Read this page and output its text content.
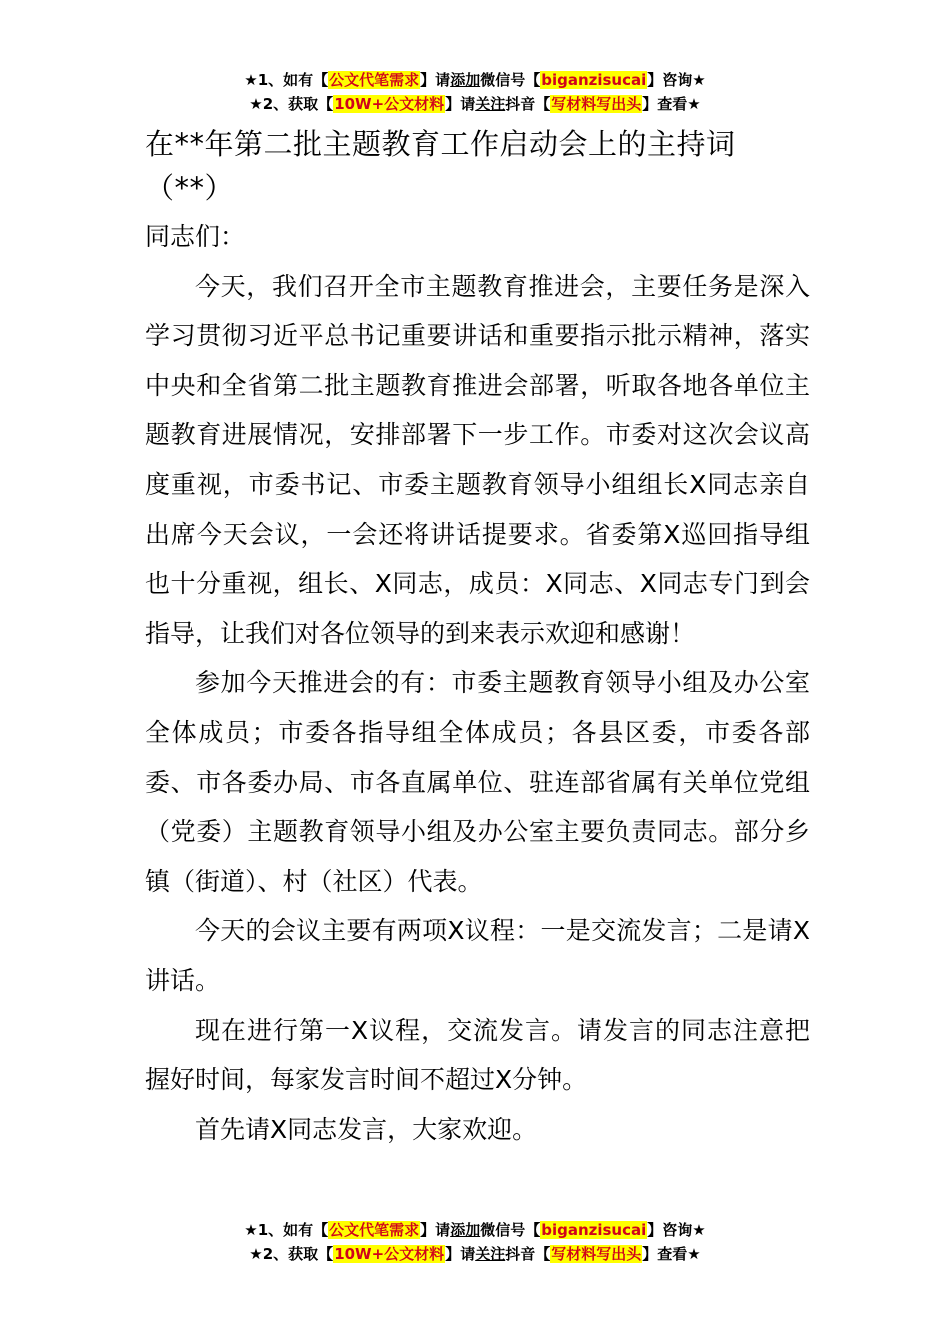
★1、如有【公文代笔需求】请添加微信号【biganzisucai】咨询★
★2、获取【10W+公文材料】请关注抖音【写材料写出头】查看★
在**年第二批主题教育工作启动会上的主持词（**）

同志们：

今天，我们召开全市主题教育推进会，主要任务是深入学习贯彻习近平总书记重要讲话和重要指示批示精神，落实中央和全省第二批主题教育推进会部署，听取各地各单位主题教育进展情况，安排部署下一步工作。市委对这次会议高度重视，市委书记、市委主题教育领导小组组长X同志亲自出席今天会议，一会还将讲话提要求。省委第X巡回指导组也十分重视，组长、X同志，成员：X同志、X同志专门到会指导，让我们对各位领导的到来表示欢迎和感谢！

参加今天推进会的有：市委主题教育领导小组及办公室全体成员；市委各指导组全体成员；各县区委，市委各部委、市各委办局、市各直属单位、驻连部省属有关单位党组（党委）主题教育领导小组及办公室主要负责同志。部分乡镇（街道）、村（社区）代表。

今天的会议主要有两项X议程：一是交流发言；二是请X讲话。

现在进行第一X议程，交流发言。请发言的同志注意把握好时间，每家发言时间不超过X分钟。

首先请X同志发言，大家欢迎。

★1、如有【公文代笔需求】请添加微信号【biganzisucai】咨询★
★2、获取【10W+公文材料】请关注抖音【写材料写出头】查看★
